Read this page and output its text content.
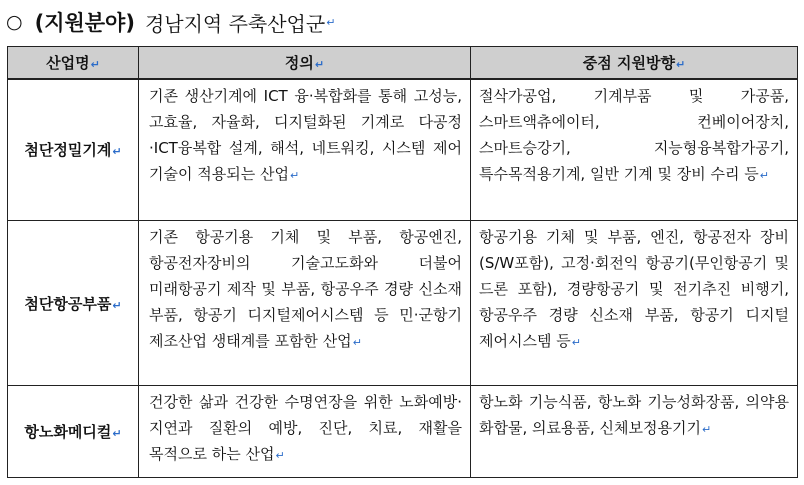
○ (지원분야) 경남지역 주축산업군 ↵
산업명↵	정의↵	중점 지원방향↵
첨단정밀기계↵	기존 생산기계에 ICT 융·복합화를 통해 고성능, 고효율, 자율화, 디지털화된 기계로 다공정·ICT융복합 설계, 해석, 네트워킹, 시스템 제어 기술이 적용되는 산업↵	절삭가공업, 기계부품 및 가공품, 스마트액츄에이터, 컨베이어장치, 스마트승강기, 지능형융복합가공기, 특수목적용기계, 일반 기계 및 장비 수리 등↵
첨단항공부품↵	기존 항공기용 기체 및 부품, 항공엔진, 항공전자장비의 기술고도화와 더불어 미래항공기 제작 및 부품, 항공우주 경량 신소재 부품, 항공기 디지털제어시스템 등 민·군항기 제조산업 생태계를 포함한 산업↵	항공기용 기체 및 부품, 엔진, 항공전자 장비(S/W포함), 고정·회전익 항공기(무인항공기 및 드론 포함), 경량항공기 및 전기추진 비행기, 항공우주 경량 신소재 부품, 항공기 디지털 제어시스템 등↵
항노화메디컬↵	건강한 삶과 건강한 수명연장을 위한 노화예방·지연과 질환의 예방, 진단, 치료, 재활을 목적으로 하는 산업↵	항노화 기능식품, 항노화 기능성화장품, 의약용 화합물, 의료용품, 신체보정용기기↵
